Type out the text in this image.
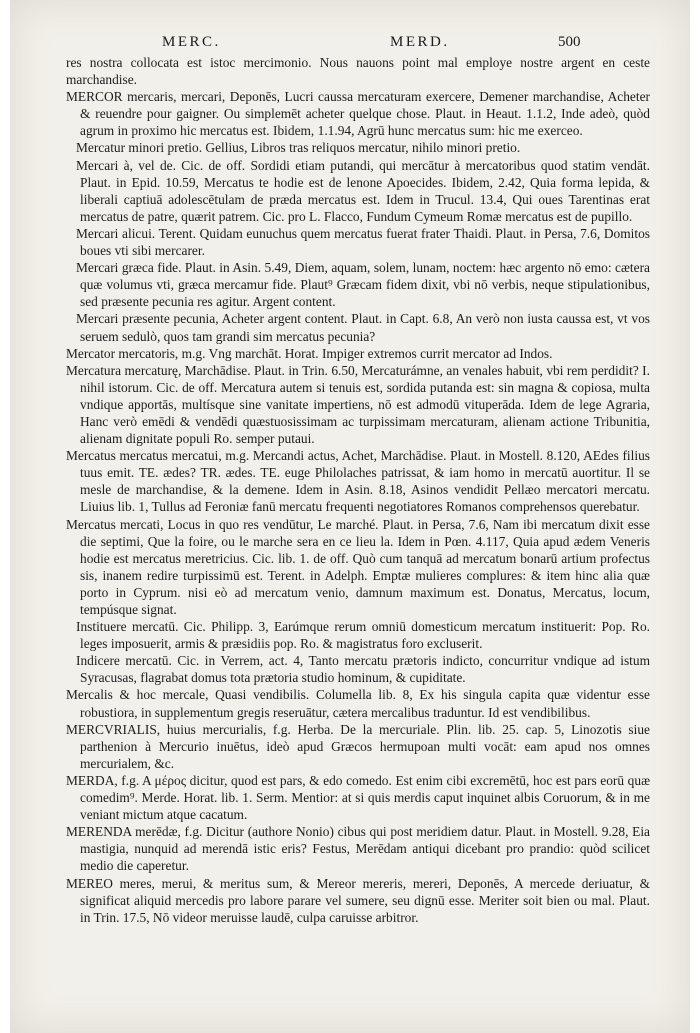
MERC.	MERD.	500

res nostra collocata est istoc mercimonio. Nous nauons point mal employe nostre argent en ceste marchandise.

MERCOR mercaris, mercari, Deponēs, Lucri caussa mercaturam exercere, Demener marchandise, Acheter & reuendre pour gaigner. Ou simplemēt acheter quelque chose. Plaut. in Heaut. 1.1.2, Inde adeò, quòd agrum in proximo hic mercatus est. Ibidem, 1.1.94, Agrū hunc mercatus sum: hic me exerceo.

Mercatur minori pretio. Gellius, Libros tras reliquos mercatur, nihilo minori pretio.

Mercari à, vel de. Cic. de off. Sordidi etiam putandi, qui mercātur à mercatoribus quod statim vendāt. Plaut. in Epid. 10.59, Mercatus te hodie est de lenone Apoecides. Ibidem, 2.42, Quia forma lepida, & liberali captiuā adolescētulam de præda mercatus est. Idem in Trucul. 13.4, Qui oues Tarentinas erat mercatus de patre, quærit patrem. Cic. pro L. Flacco, Fundum Cymeum Romæ mercatus est de pupillo.

Mercari alicui. Terent. Quidam eunuchus quem mercatus fuerat frater Thaidi. Plaut. in Persa, 7.6, Domitos boues vti sibi mercarer.

Mercari græca fide. Plaut. in Asin. 5.49, Diem, aquam, solem, lunam, noctem: hæc argento nō emo: cætera quæ volumus vti, græca mercamur fide. Plaut⁹ Græcam fidem dixit, vbi nō verbis, neque stipulationibus, sed præsente pecunia res agitur. Argent content.

Mercari præsente pecunia, Acheter argent content. Plaut. in Capt. 6.8, An verò non iusta caussa est, vt vos seruem sedulò, quos tam grandi sim mercatus pecunia?

Mercator mercatoris, m.g. Vng marchāt. Horat. Impiger extremos currit mercator ad Indos.

Mercatura mercaturę, Marchādise. Plaut. in Trin. 6.50, Mercaturámne, an venales habuit, vbi rem perdidit? I. nihil istorum. Cic. de off. Mercatura autem si tenuis est, sordida putanda est: sin magna & copiosa, multa vndique apportās, multísque sine vanitate impertiens, nō est admodū vituperāda. Idem de lege Agraria, Hanc verò emēdi & vendēdi quæstuosissimam ac turpissimam mercaturam, alienam actione Tribunitia, alienam dignitate populi Ro. semper putaui.

Mercatus mercatus mercatui, m.g. Mercandi actus, Achet, Marchādise. Plaut. in Mostell. 8.120, AEdes filius tuus emit. TE. ædes? TR. ædes. TE. euge Philolaches patrissat, & iam homo in mercatū auortitur. Il se mesle de marchandise, & la demene. Idem in Asin. 8.18, Asinos vendidit Pellæo mercatori mercatu. Liuius lib. 1, Tullus ad Feroniæ fanū mercatu frequenti negotiatores Romanos comprehensos querebatur.

Mercatus mercati, Locus in quo res vendūtur, Le marché. Plaut. in Persa, 7.6, Nam ibi mercatum dixit esse die septimi, Que la foire, ou le marche sera en ce lieu la. Idem in Pœn. 4.117, Quia apud ædem Veneris hodie est mercatus meretricius. Cic. lib. 1. de off. Quò cum tanquā ad mercatum bonarū artium profectus sis, inanem redire turpissimū est. Terent. in Adelph. Emptæ mulieres complures: & item hinc alia quæ porto in Cyprum. nisi eò ad mercatum venio, damnum maximum est. Donatus, Mercatus, locum, tempúsque signat.

Instituere mercatū. Cic. Philipp. 3, Earúmque rerum omniū domesticum mercatum instituerit: Pop. Ro. leges imposuerit, armis & præsidiis pop. Ro. & magistratus foro excluserit.

Indicere mercatū. Cic. in Verrem, act. 4, Tanto mercatu prætoris indicto, concurritur vndique ad istum Syracusas, flagrabat domus tota prætoria studio hominum, & cupiditate.

Mercalis & hoc mercale, Quasi vendibilis. Columella lib. 8, Ex his singula capita quæ videntur esse robustiora, in supplementum gregis reseruātur, cætera mercalibus traduntur. Id est vendibilibus.

MERCVRIALIS, huius mercurialis, f.g. Herba. De la mercuriale. Plin. lib. 25. cap. 5, Linozotis siue parthenion à Mercurio inuētus, ideò apud Græcos hermupoan multi vocāt: eam apud nos omnes mercurialem, &c.

MERDA, f.g. A μέρος dicitur, quod est pars, & edo comedo. Est enim cibi excremētū, hoc est pars eorū quæ comedim⁹. Merde. Horat. lib. 1. Serm. Mentior: at si quis merdis caput inquinet albis Coruorum, & in me veniant mictum atque cacatum.

MERENDA merēdæ, f.g. Dicitur (authore Nonio) cibus qui post meridiem datur. Plaut. in Mostell. 9.28, Eia mastigia, nunquid ad merendā istic eris? Festus, Merēdam antiqui dicebant pro prandio: quòd scilicet medio die caperetur.

MEREO meres, merui, & meritus sum, & Mereor mereris, mereri, Deponēs, A mercede deriuatur, & significat aliquid mercedis pro labore parare vel sumere, seu dignū esse. Meriter soit bien ou mal. Plaut. in Trin. 17.5, Nō videor meruisse laudē, culpa caruisse arbitror.
